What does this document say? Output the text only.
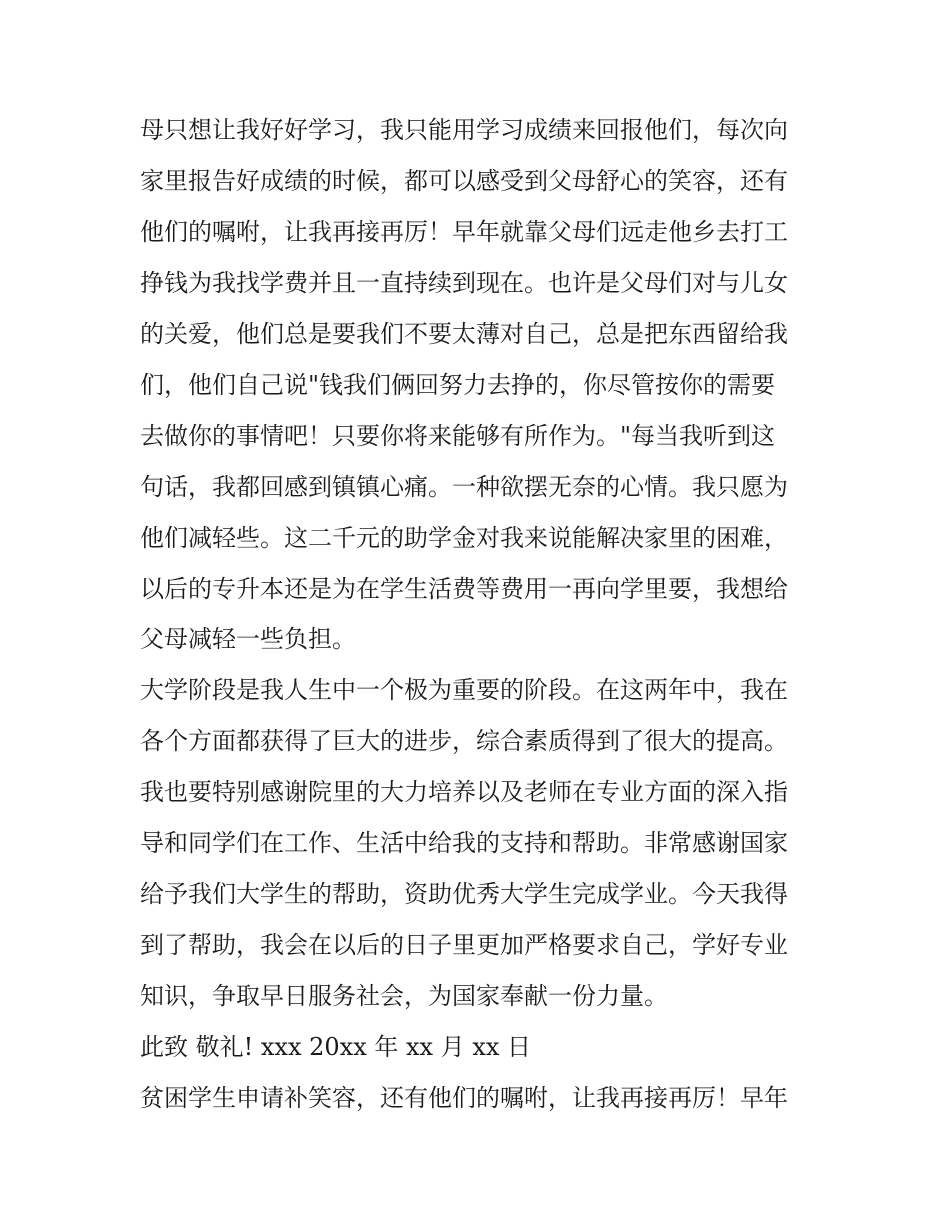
母只想让我好好学习，我只能用学习成绩来回报他们，每次向

家里报告好成绩的时候，都可以感受到父母舒心的笑容，还有

他们的嘱咐，让我再接再厉！早年就靠父母们远走他乡去打工

挣钱为我找学费并且一直持续到现在。也许是父母们对与儿女

的关爱，他们总是要我们不要太薄对自己，总是把东西留给我

们，他们自己说"钱我们俩回努力去挣的，你尽管按你的需要

去做你的事情吧！只要你将来能够有所作为。"每当我听到这

句话，我都回感到镇镇心痛。一种欲摆无奈的心情。我只愿为

他们减轻些。这二千元的助学金对我来说能解决家里的困难，

以后的专升本还是为在学生活费等费用一再向学里要，我想给

父母减轻一些负担。

大学阶段是我人生中一个极为重要的阶段。在这两年中，我在

各个方面都获得了巨大的进步，综合素质得到了很大的提高。

我也要特别感谢院里的大力培养以及老师在专业方面的深入指

导和同学们在工作、生活中给我的支持和帮助。非常感谢国家

给予我们大学生的帮助，资助优秀大学生完成学业。今天我得

到了帮助，我会在以后的日子里更加严格要求自己，学好专业

知识，争取早日服务社会，为国家奉献一份力量。

此致 敬礼! xxx 20xx 年 xx 月 xx 日

贫困学生申请补笑容，还有他们的嘱咐，让我再接再厉！早年
